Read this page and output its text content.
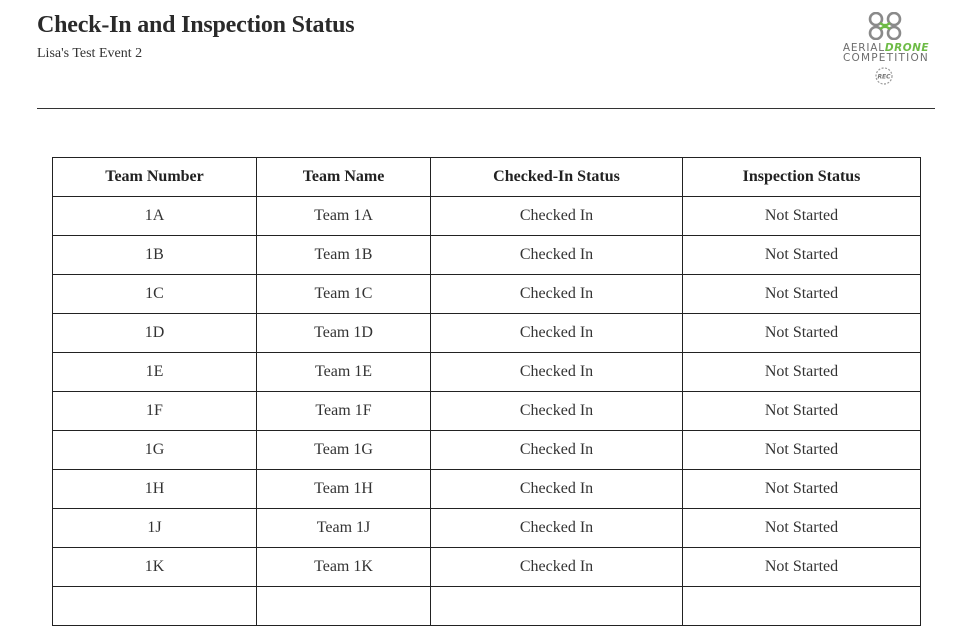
Check-In and Inspection Status
Lisa's Test Event 2	AERIALDRONE
COMPETITION
REC
Team Number	Team Name	Checked-In Status	Inspection Status
1A	Team 1A	Checked In	Not Started
1B	Team 1B	Checked In	Not Started
1C	Team 1C	Checked In	Not Started
1D	Team 1D	Checked In	Not Started
1E	Team 1E	Checked In	Not Started
1F	Team 1F	Checked In	Not Started
1G	Team 1G	Checked In	Not Started
1H	Team 1H	Checked In	Not Started
1J	Team 1J	Checked In	Not Started
1K	Team 1K	Checked In	Not Started
